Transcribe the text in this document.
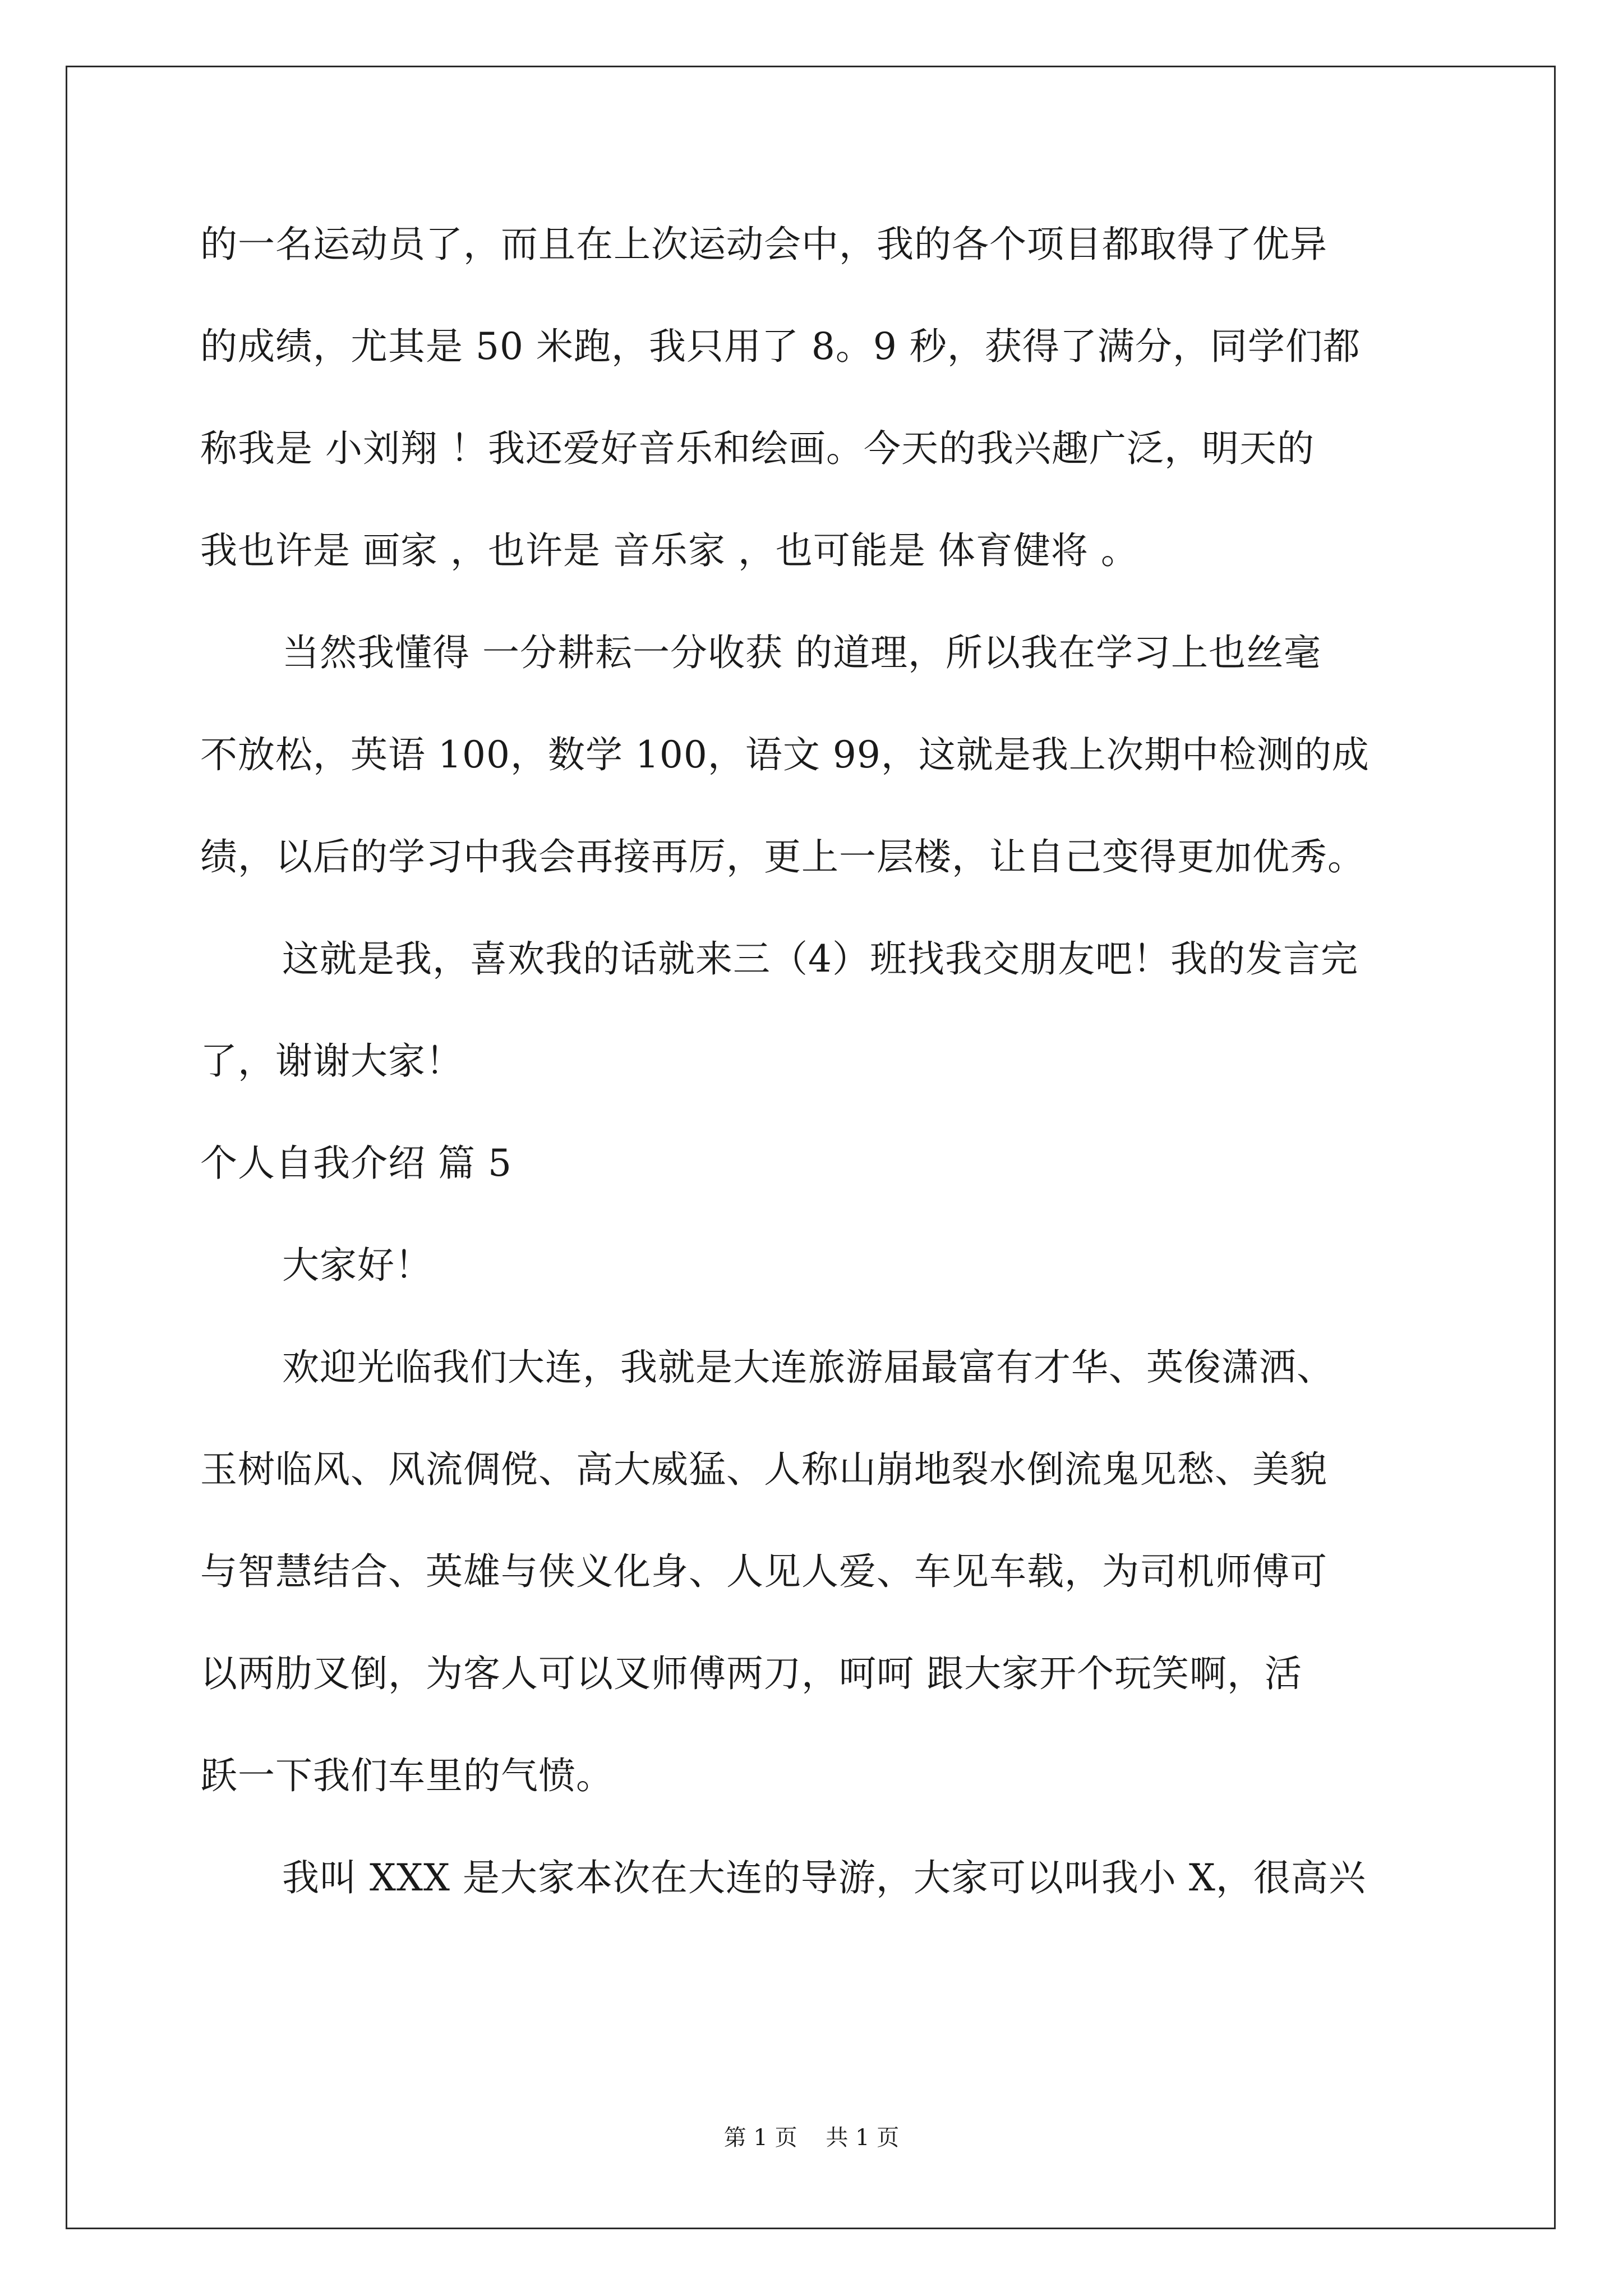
的一名运动员了，而且在上次运动会中，我的各个项目都取得了优异
的成绩，尤其是 50 米跑，我只用了 8。9 秒，获得了满分，同学们都
称我是 小刘翔 ！我还爱好音乐和绘画。今天的我兴趣广泛，明天的
我也许是 画家 ，也许是 音乐家 ，也可能是 体育健将 。
当然我懂得 一分耕耘一分收获 的道理，所以我在学习上也丝毫
不放松，英语 100，数学 100，语文 99，这就是我上次期中检测的成
绩，以后的学习中我会再接再厉，更上一层楼，让自己变得更加优秀。
这就是我，喜欢我的话就来三（4）班找我交朋友吧！我的发言完
了，谢谢大家！
个人自我介绍 篇 5
大家好！
欢迎光临我们大连，我就是大连旅游届最富有才华、英俊潇洒、
玉树临风、风流倜傥、高大威猛、人称山崩地裂水倒流鬼见愁、美貌
与智慧结合、英雄与侠义化身、人见人爱、车见车载，为司机师傅可
以两肋叉倒，为客人可以叉师傅两刀，呵呵 跟大家开个玩笑啊，活
跃一下我们车里的气愤。
我叫 XXX 是大家本次在大连的导游，大家可以叫我小 X，很高兴
第 1 页    共 1 页
